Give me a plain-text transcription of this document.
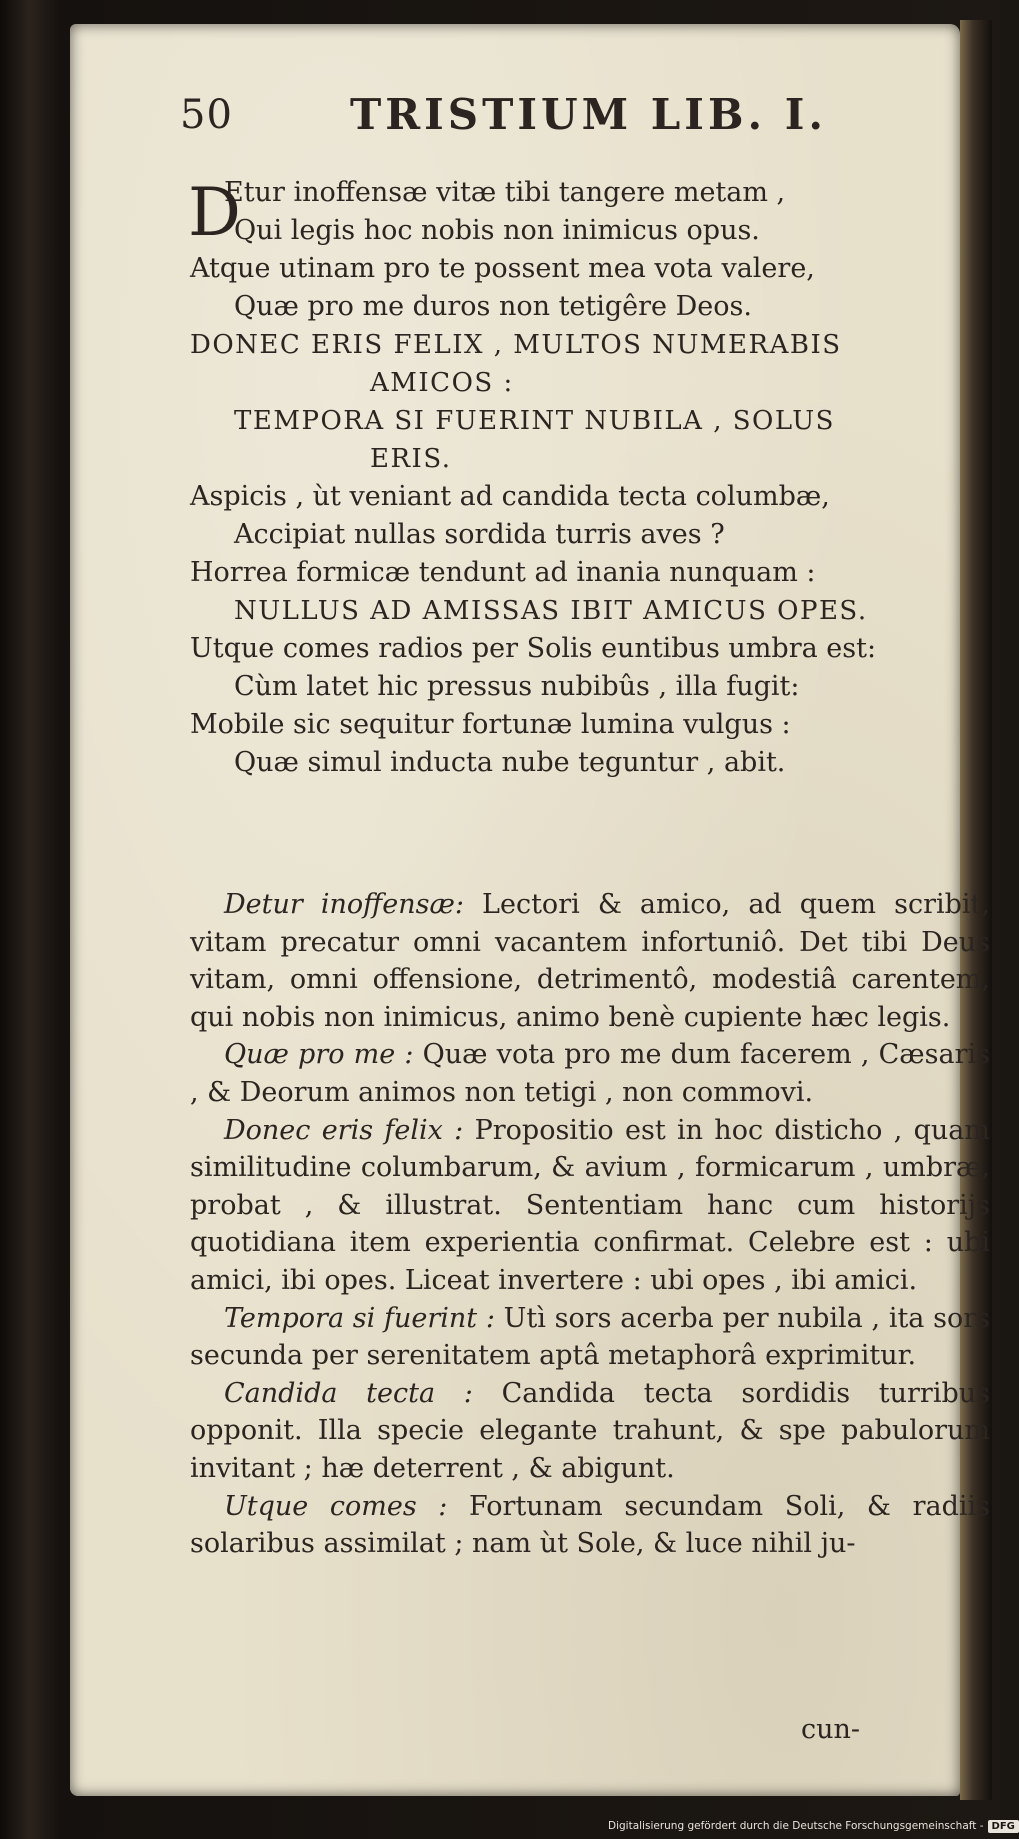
50	TRISTIUM LIB. I.
D
Etur inoffensæ vitæ tibi tangere metam ,
Qui legis hoc nobis non inimicus opus.
Atque utinam pro te possent mea vota valere,
Quæ pro me duros non tetigêre Deos.
DONEC ERIS FELIX , MULTOS NUMERABIS
AMICOS :
TEMPORA SI FUERINT NUBILA , SOLUS
ERIS.
Aspicis , ùt veniant ad candida tecta columbæ,
Accipiat nullas sordida turris aves ?
Horrea formicæ tendunt ad inania nunquam :
NULLUS AD AMISSAS IBIT AMICUS OPES.
Utque comes radios per Solis euntibus umbra est:
Cùm latet hic pressus nubibûs , illa fugit:
Mobile sic sequitur fortunæ lumina vulgus :
Quæ simul inducta nube teguntur , abit.

Detur inoffensæ: Lectori & amico, ad quem scribit, vitam precatur omni vacantem infortuniô. Det tibi Deus vitam, omni offensione, detrimentô, modestiâ carentem, qui nobis non inimicus, animo benè cupiente hæc legis.

Quæ pro me : Quæ vota pro me dum facerem , Cæsaris , & Deorum animos non tetigi , non commovi.

Donec eris felix : Propositio est in hoc disticho , quam similitudine columbarum, & avium , formicarum , umbræ, probat , & illustrat. Sententiam hanc cum historijs quotidiana item experientia confirmat. Celebre est : ubi amici, ibi opes. Liceat invertere : ubi opes , ibi amici.

Tempora si fuerint : Utì sors acerba per nubila , ita sors secunda per serenitatem aptâ metaphorâ exprimitur.

Candida tecta : Candida tecta sordidis turribus opponit. Illa specie elegante trahunt, & spe pabulorum invitant ; hæ deterrent , & abigunt.

Utque comes : Fortunam secundam Soli, & radiis solaribus assimilat ; nam ùt Sole, & luce nihil ju-

cun-
Digitalisierung gefördert durch die Deutsche Forschungsgemeinschaft - DFG
